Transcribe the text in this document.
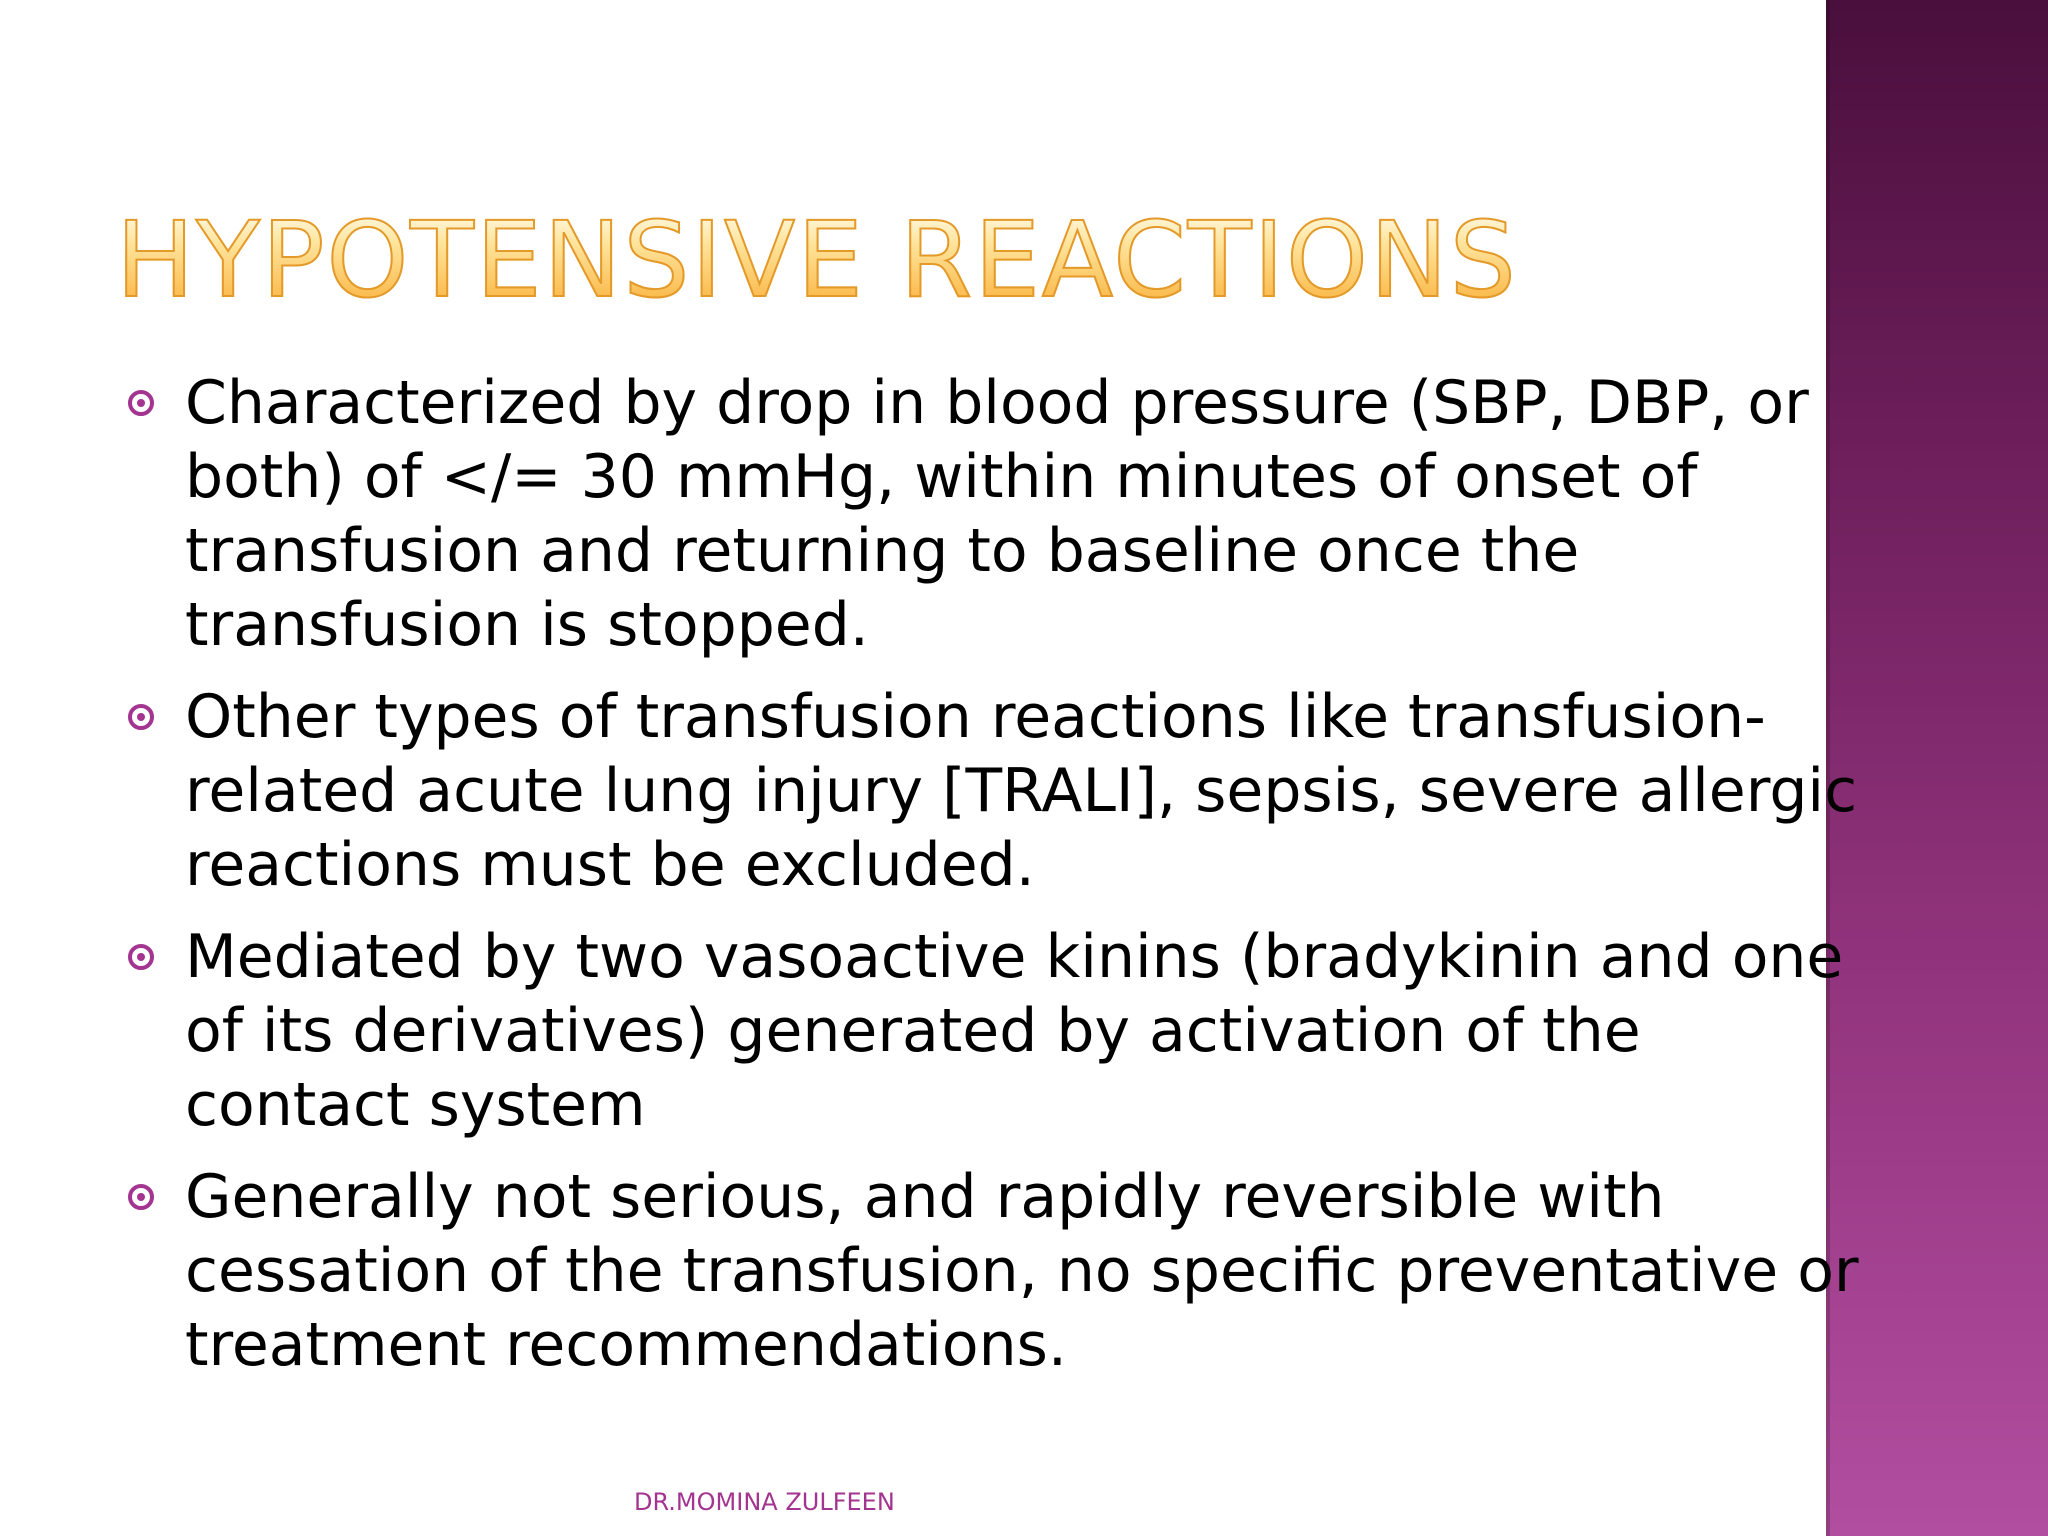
HYPOTENSIVE REACTIONS
Characterized by drop in blood pressure (SBP, DBP, or
both) of </= 30 mmHg, within minutes of onset of
transfusion and returning to baseline once the
transfusion is stopped.
Other types of transfusion reactions like transfusion-
related acute lung injury [TRALI], sepsis, severe allergic
reactions must be excluded.
Mediated by two vasoactive kinins (bradykinin and one
of its derivatives) generated by activation of the
contact system
Generally not serious, and rapidly reversible with
cessation of the transfusion, no specific preventative or
treatment recommendations.
DR.MOMINA ZULFEEN
